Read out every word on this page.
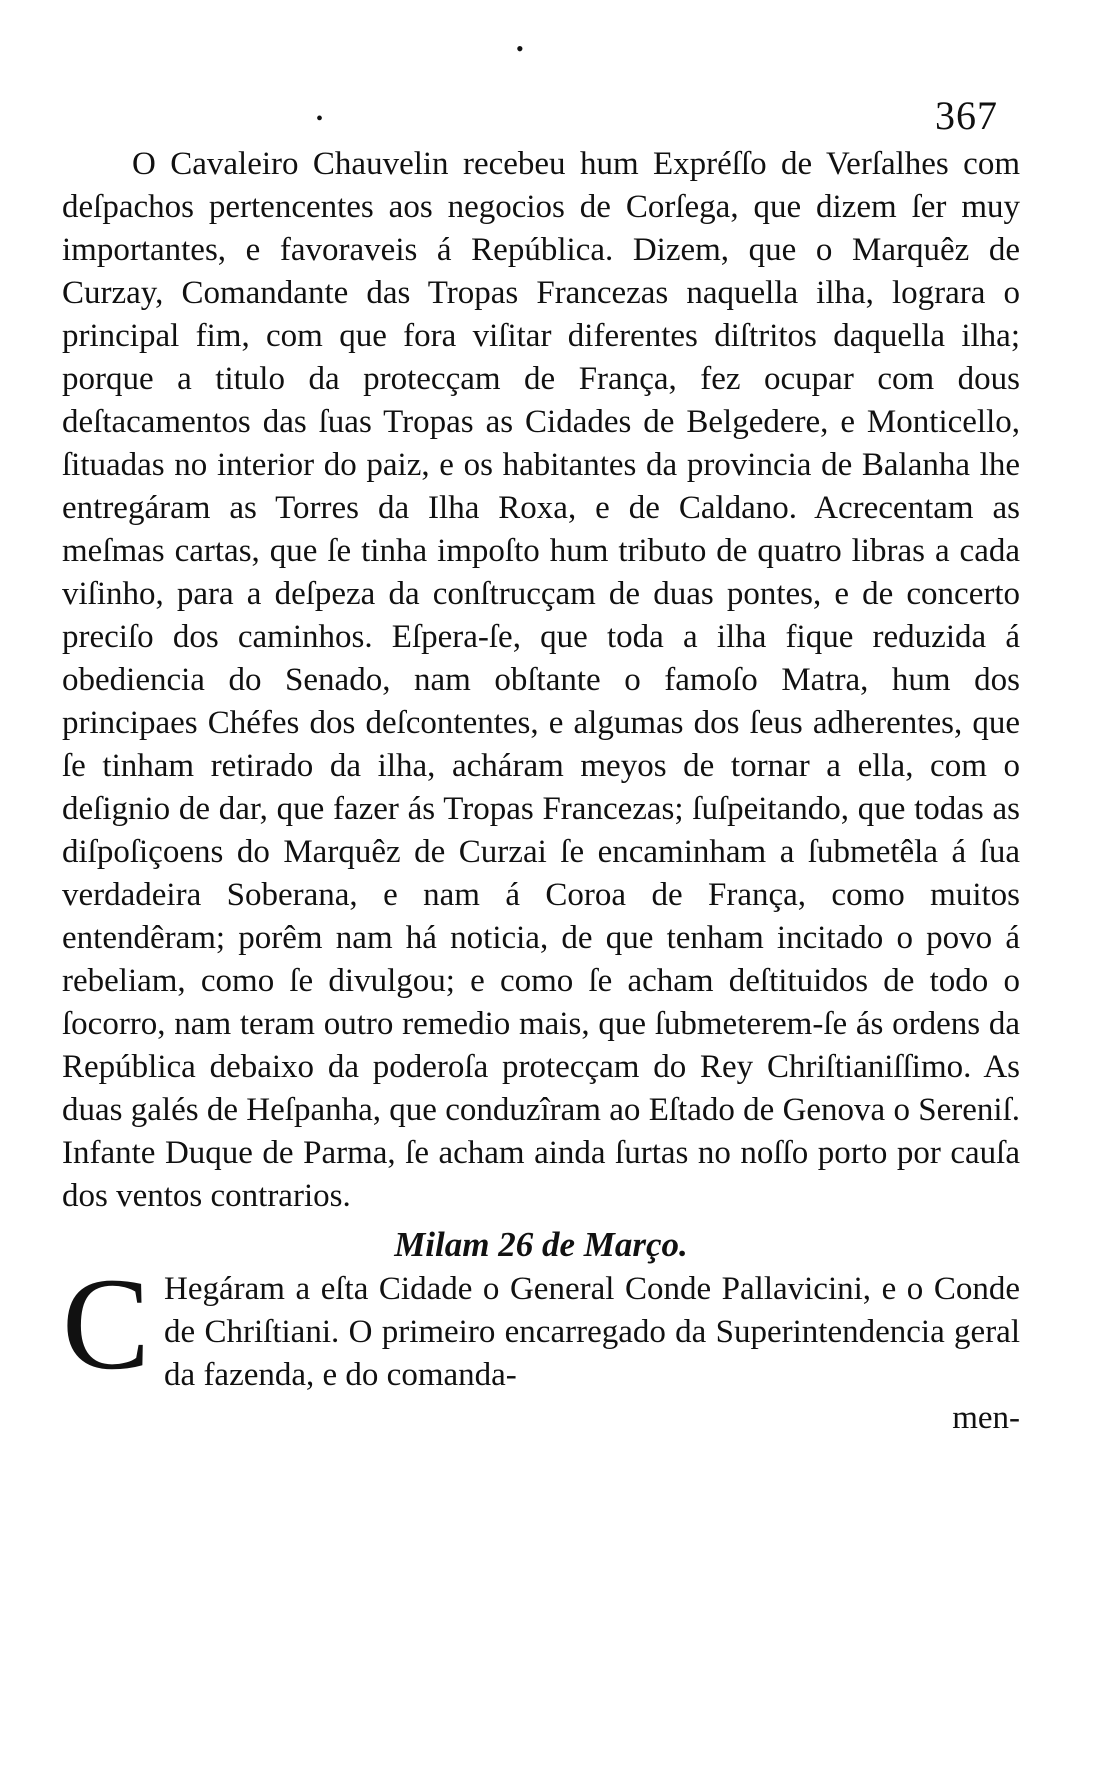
•
•	367

O Cavaleiro Chauvelin recebeu hum Expréſſo de Verſalhes com deſpachos pertencentes aos negocios de Corſega, que dizem ſer muy importantes, e favoraveis á República. Dizem, que o Marquêz de Curzay, Comandante das Tropas Francezas naquella ilha, lograra o principal fim, com que fora viſitar diferentes diſtritos daquella ilha; porque a titulo da protecçam de França, fez ocupar com dous deſtacamentos das ſuas Tropas as Cidades de Belgedere, e Monticello, ſituadas no interior do paiz, e os habitantes da provincia de Balanha lhe entregáram as Torres da Ilha Roxa, e de Caldano. Acrecentam as meſmas cartas, que ſe tinha impoſto hum tributo de quatro libras a cada viſinho, para a deſpeza da conſtrucçam de duas pontes, e de concerto preciſo dos caminhos. Eſpera-ſe, que toda a ilha fique reduzida á obediencia do Senado, nam obſtante o famoſo Matra, hum dos principaes Chéfes dos deſcontentes, e algumas dos ſeus adherentes, que ſe tinham retirado da ilha, acháram meyos de tornar a ella, com o deſignio de dar, que fazer ás Tropas Francezas; ſuſpeitando, que todas as diſpoſiçoens do Marquêz de Curzai ſe encaminham a ſubmetêla á ſua verdadeira Soberana, e nam á Coroa de França, como muitos entendêram; porêm nam há noticia, de que tenham incitado o povo á rebeliam, como ſe divulgou; e como ſe acham deſtituidos de todo o ſocorro, nam teram outro remedio mais, que ſubmeterem-ſe ás ordens da República debaixo da poderoſa protecçam do Rey Chriſtianiſſimo. As duas galés de Heſpanha, que conduzîram ao Eſtado de Genova o Sereniſ. Infante Duque de Parma, ſe acham ainda ſurtas no noſſo porto por cauſa dos ventos contrarios.

Milam 26 de Março.

C Hegáram a eſta Cidade o General Conde Pallavicini, e o Conde de Chriſtiani. O primeiro encarregado da Superintendencia geral da fazenda, e do comanda-

men-
